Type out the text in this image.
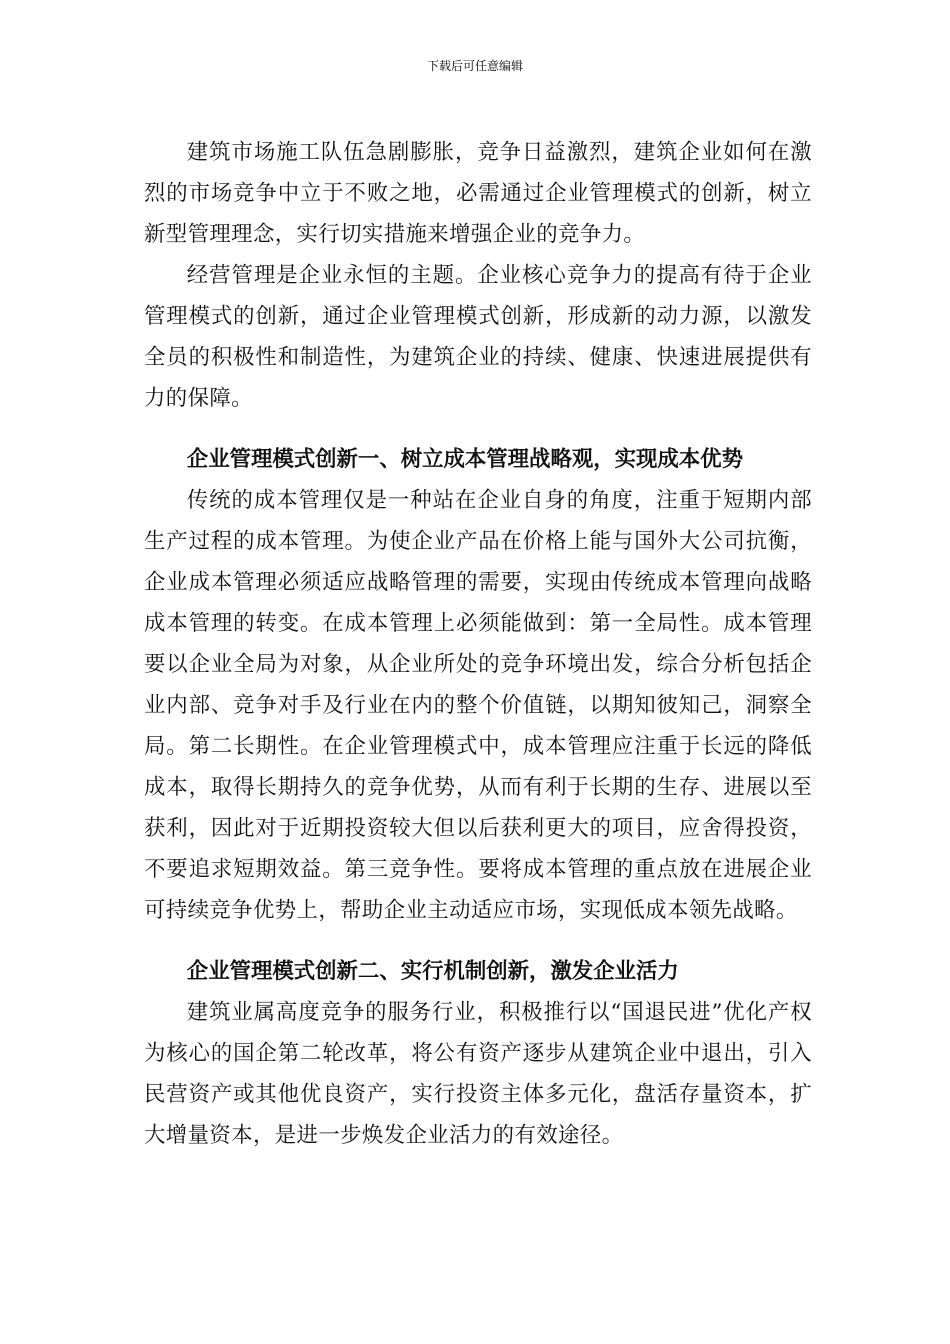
下载后可任意编辑

建筑市场施工队伍急剧膨胀，竞争日益激烈，建筑企业如何在激烈的市场竞争中立于不败之地，必需通过企业管理模式的创新，树立新型管理理念，实行切实措施来增强企业的竞争力。

经营管理是企业永恒的主题。企业核心竞争力的提高有待于企业管理模式的创新，通过企业管理模式创新，形成新的动力源，以激发全员的积极性和制造性，为建筑企业的持续、健康、快速进展提供有力的保障。

企业管理模式创新一、树立成本管理战略观，实现成本优势

传统的成本管理仅是一种站在企业自身的角度，注重于短期内部生产过程的成本管理。为使企业产品在价格上能与国外大公司抗衡，企业成本管理必须适应战略管理的需要，实现由传统成本管理向战略成本管理的转变。在成本管理上必须能做到：第一全局性。成本管理要以企业全局为对象，从企业所处的竞争环境出发，综合分析包括企业内部、竞争对手及行业在内的整个价值链，以期知彼知己，洞察全局。第二长期性。在企业管理模式中，成本管理应注重于长远的降低成本，取得长期持久的竞争优势，从而有利于长期的生存、进展以至获利，因此对于近期投资较大但以后获利更大的项目，应舍得投资，不要追求短期效益。第三竞争性。要将成本管理的重点放在进展企业可持续竞争优势上，帮助企业主动适应市场，实现低成本领先战略。

企业管理模式创新二、实行机制创新，激发企业活力

建筑业属高度竞争的服务行业，积极推行以“国退民进”优化产权为核心的国企第二轮改革，将公有资产逐步从建筑企业中退出，引入民营资产或其他优良资产，实行投资主体多元化，盘活存量资本，扩大增量资本，是进一步焕发企业活力的有效途径。
